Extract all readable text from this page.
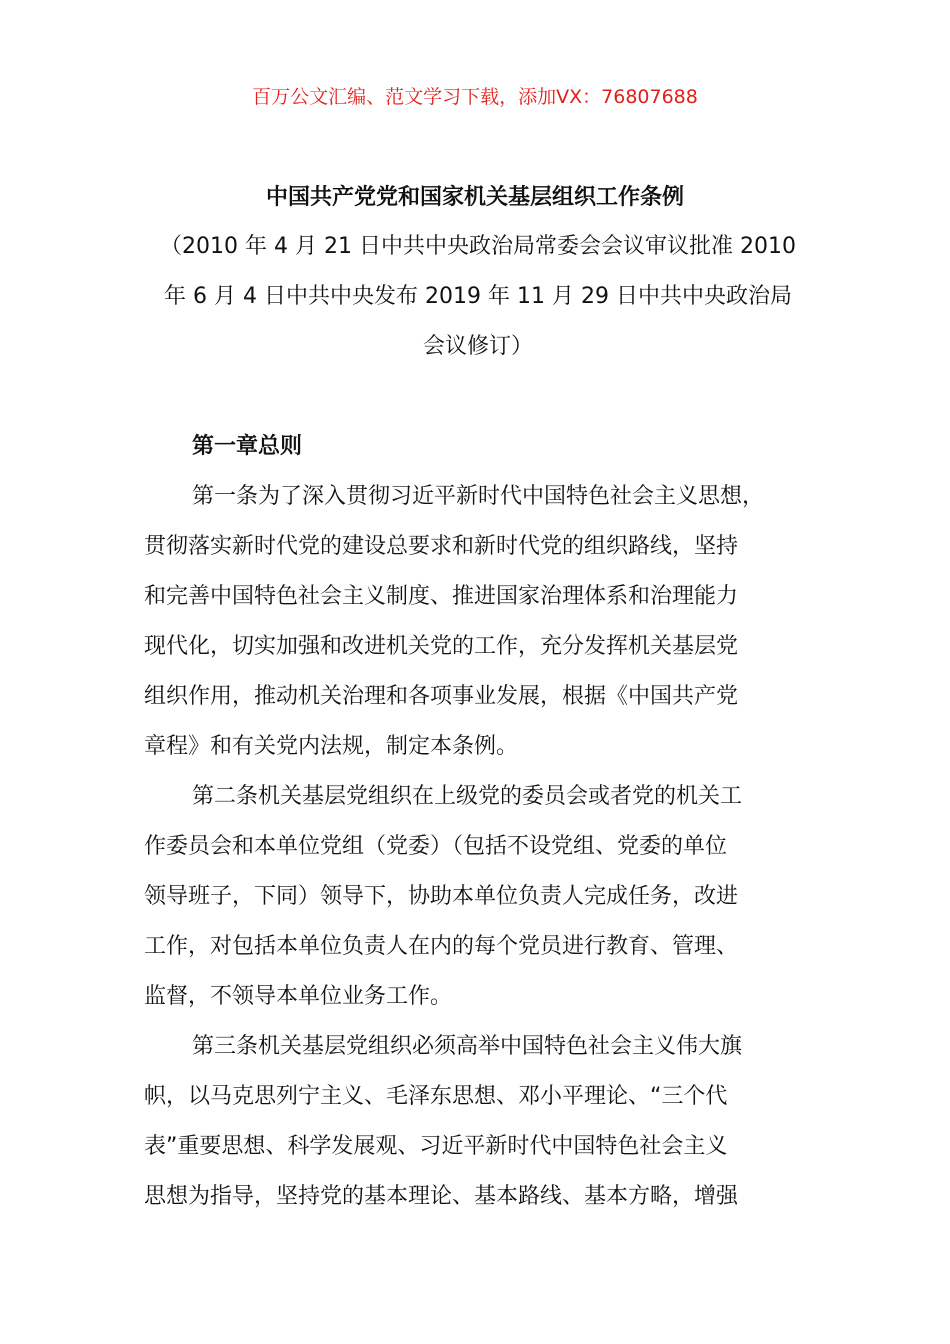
百万公文汇编、范文学习下载，添加VX：76807688
中国共产党党和国家机关基层组织工作条例
（2010 年 4 月 21 日中共中央政治局常委会会议审议批准 2010
年 6 月 4 日中共中央发布 2019 年 11 月 29 日中共中央政治局
会议修订）
第一章总则
第一条为了深入贯彻习近平新时代中国特色社会主义思想，
贯彻落实新时代党的建设总要求和新时代党的组织路线，坚持
和完善中国特色社会主义制度、推进国家治理体系和治理能力
现代化，切实加强和改进机关党的工作，充分发挥机关基层党
组织作用，推动机关治理和各项事业发展，根据《中国共产党
章程》和有关党内法规，制定本条例。
第二条机关基层党组织在上级党的委员会或者党的机关工
作委员会和本单位党组（党委）（包括不设党组、党委的单位
领导班子，下同）领导下，协助本单位负责人完成任务，改进
工作，对包括本单位负责人在内的每个党员进行教育、管理、
监督，不领导本单位业务工作。
第三条机关基层党组织必须高举中国特色社会主义伟大旗
帜，以马克思列宁主义、毛泽东思想、邓小平理论、“三个代
表”重要思想、科学发展观、习近平新时代中国特色社会主义
思想为指导，坚持党的基本理论、基本路线、基本方略，增强
